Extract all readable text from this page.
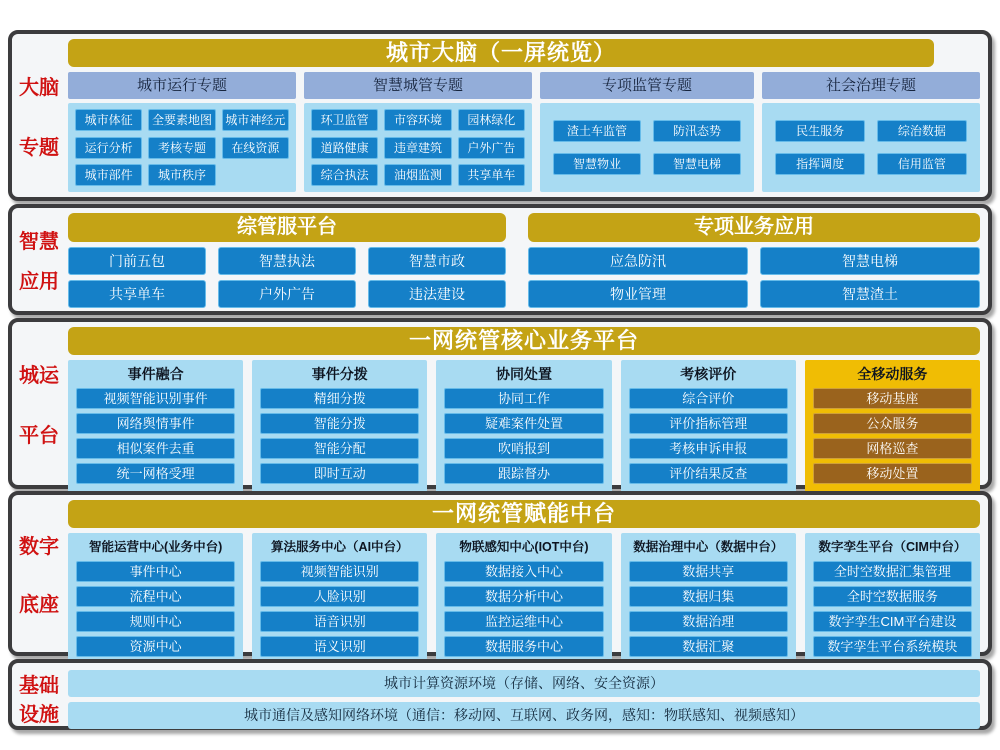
大脑
专题
城市大脑（一屏统览）
城市运行专题
城市体征	全要素地图	城市神经元
运行分析	考核专题	在线资源
城市部件	城市秩序
智慧城管专题
环卫监管	市容环境	园林绿化
道路健康	违章建筑	户外广告
综合执法	油烟监测	共享单车
专项监管专题
渣土车监管	防汛态势
智慧物业	智慧电梯
社会治理专题
民生服务	综治数据
指挥调度	信用监管
智慧
应用
综管服平台
门前五包	智慧执法	智慧市政
共享单车	户外广告	违法建设
专项业务应用
应急防汛	智慧电梯
物业管理	智慧渣土
城运
平台
一网统管核心业务平台
事件融合
视频智能识别事件
网络舆情事件
相似案件去重
统一网格受理
事件分拨
精细分拨
智能分拨
智能分配
即时互动
协同处置
协同工作
疑难案件处置
吹哨报到
跟踪督办
考核评价
综合评价
评价指标管理
考核申诉申报
评价结果反查
全移动服务
移动基座
公众服务
网格巡查
移动处置
数字
底座
一网统管赋能中台
智能运营中心(业务中台)
事件中心
流程中心
规则中心
资源中心
算法服务中心（AI中台）
视频智能识别
人脸识别
语音识别
语义识别
物联感知中心(IOT中台)
数据接入中心
数据分析中心
监控运维中心
数据服务中心
数据治理中心（数据中台）
数据共享
数据归集
数据治理
数据汇聚
数字孪生平台（CIM中台）
全时空数据汇集管理
全时空数据服务
数字孪生CIM平台建设
数字孪生平台系统模块
基础
设施
城市计算资源环境（存储、网络、安全资源）
城市通信及感知网络环境（通信：移动网、互联网、政务网，感知：物联感知、视频感知）
